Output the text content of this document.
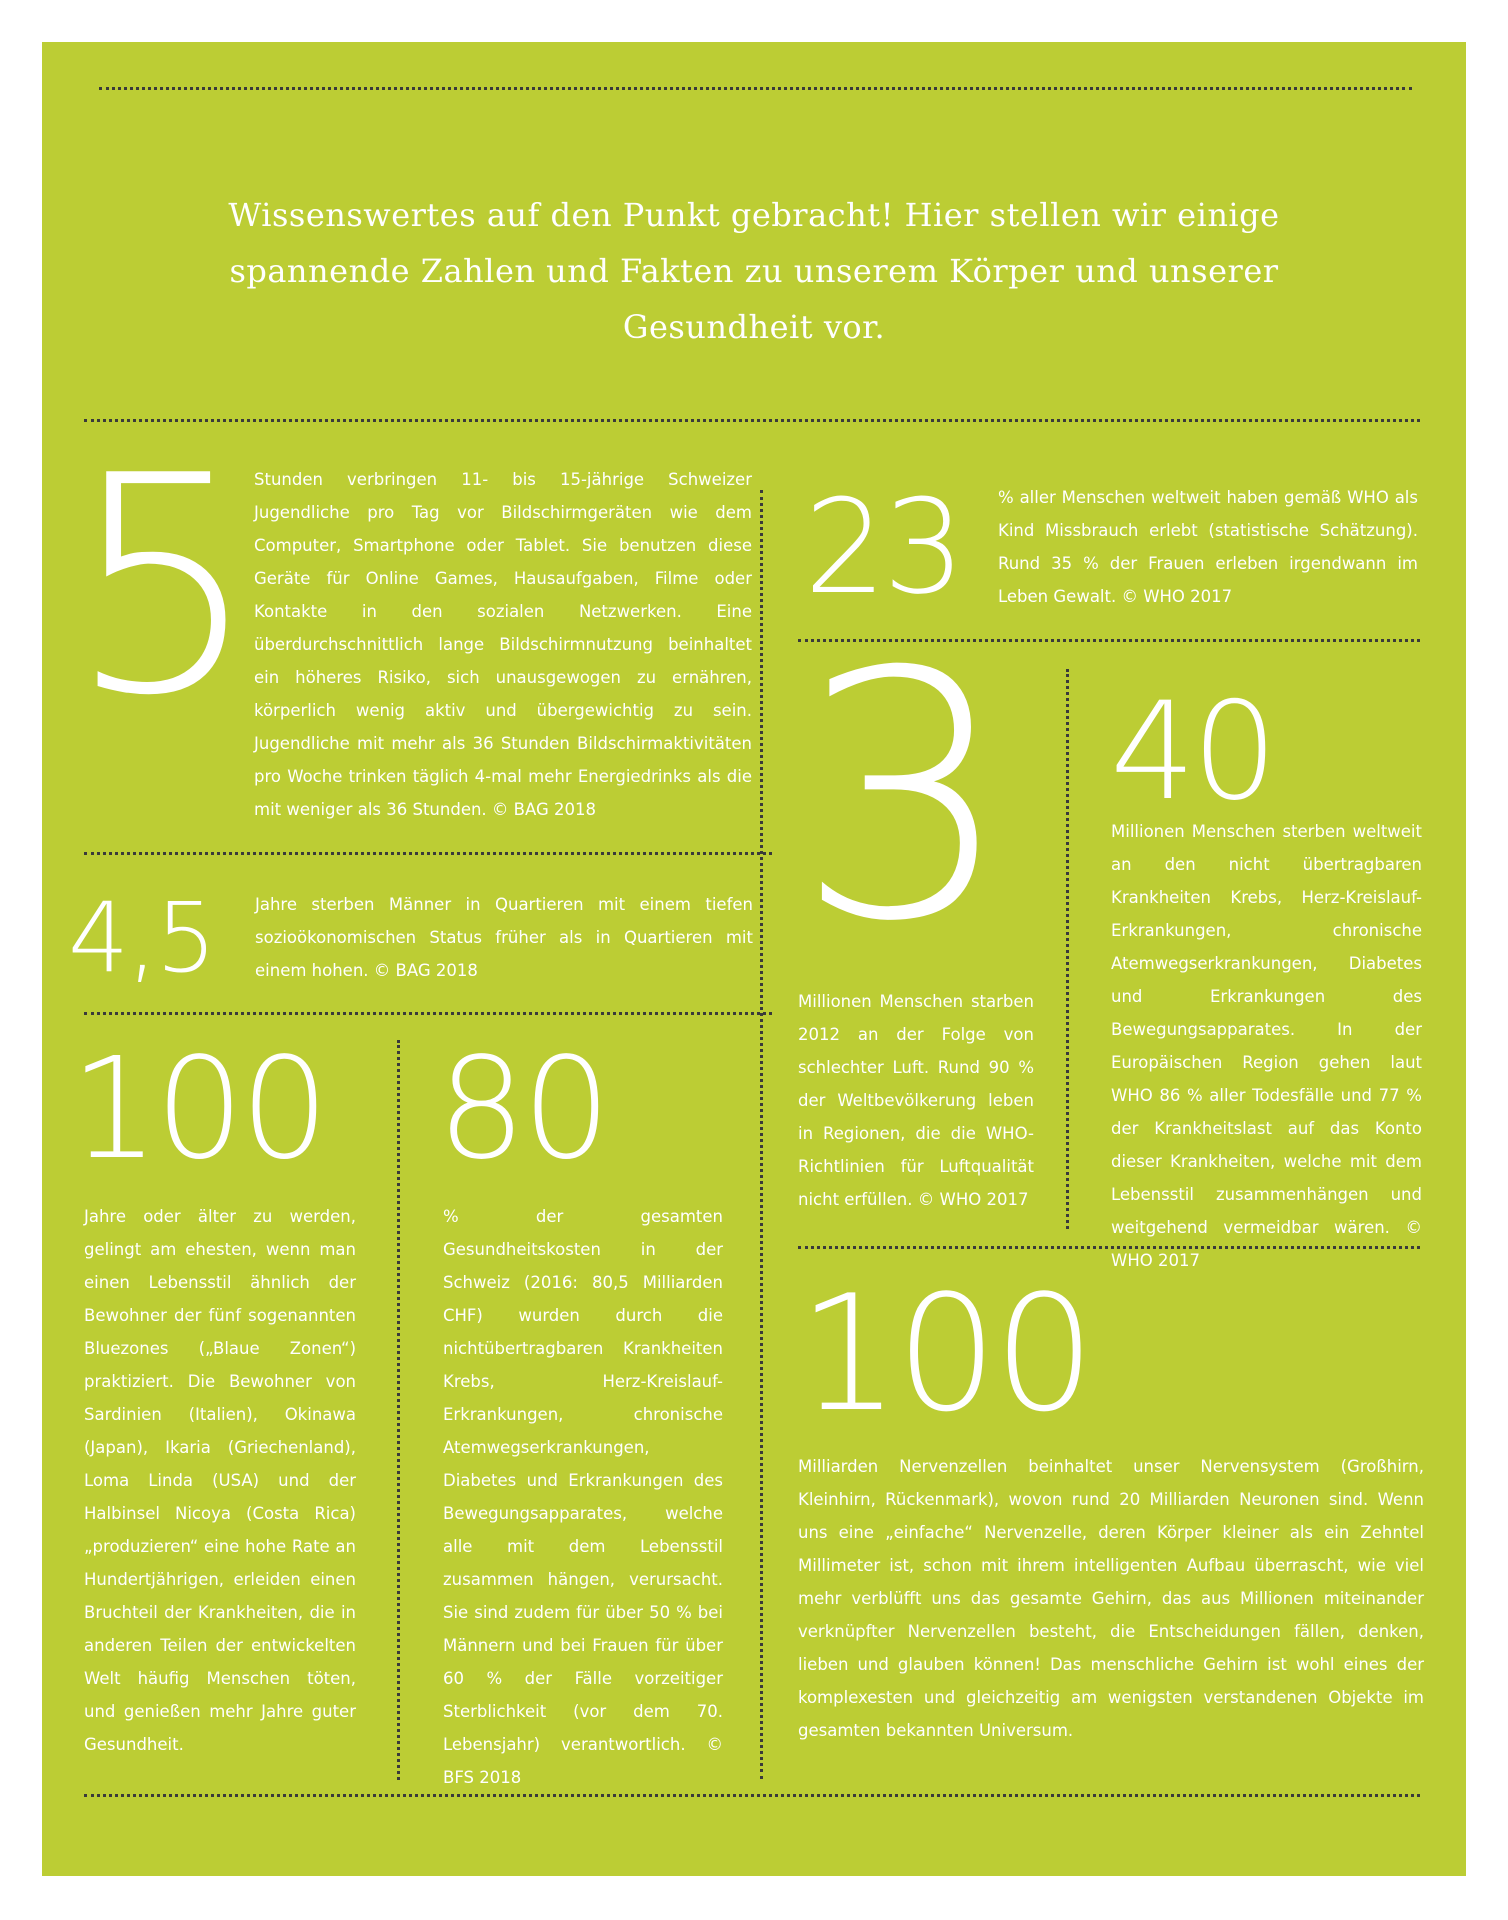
Wissenswertes auf den Punkt gebracht! Hier stellen wir einige spannende Zahlen und Fakten zu unserem Körper und unserer Gesundheit vor.
5 Stunden verbringen 11- bis 15-jährige Schweizer Jugendliche pro Tag vor Bildschirmgeräten wie dem Computer, Smartphone oder Tablet. Sie benutzen diese Geräte für Online Games, Hausaufgaben, Filme oder Kontakte in den sozialen Netzwerken. Eine überdurchschnittlich lange Bildschirmnutzung beinhaltet ein höheres Risiko, sich unausgewogen zu ernähren, körperlich wenig aktiv und übergewichtig zu sein. Jugendliche mit mehr als 36 Stunden Bildschirmaktivitäten pro Woche trinken täglich 4-mal mehr Energiedrinks als die mit weniger als 36 Stunden. © BAG 2018
23 % aller Menschen weltweit haben gemäß WHO als Kind Missbrauch erlebt (statistische Schätzung). Rund 35 % der Frauen erleben irgendwann im Leben Gewalt. © WHO 2017
4,5 Jahre sterben Männer in Quartieren mit einem tiefen sozioökonomischen Status früher als in Quartieren mit einem hohen. © BAG 2018 3
Millionen Menschen starben 2012 an der Folge von schlechter Luft. Rund 90 % der Weltbevölkerung leben in Regionen, die die WHO-Richtlinien für Luftqualität nicht erfüllen. © WHO 2017
40
Millionen Menschen sterben weltweit an den nicht übertragbaren Krankheiten Krebs, Herz-Kreislauf-Erkrankungen, chronische Atemwegserkrankungen, Diabetes und Erkrankungen des Bewegungsapparates. In der Europäischen Region gehen laut WHO 86 % aller Todesfälle und 77 % der Krankheitslast auf das Konto dieser Krankheiten, welche mit dem Lebensstil zusammenhängen und weitgehend vermeidbar wären. © WHO 2017
100
Jahre oder älter zu werden, gelingt am ehesten, wenn man einen Lebensstil ähnlich der Bewohner der fünf sogenannten Bluezones („Blaue Zonen“) praktiziert. Die Bewohner von Sardinien (Italien), Okinawa (Japan), Ikaria (Griechenland), Loma Linda (USA) und der Halbinsel Nicoya (Costa Rica) „produzieren“ eine hohe Rate an Hundertjährigen, erleiden einen Bruchteil der Krankheiten, die in anderen Teilen der entwickelten Welt häufig Menschen töten, und genießen mehr Jahre guter Gesundheit.
80
% der gesamten Gesundheitskosten in der Schweiz (2016: 80,5 Milliarden CHF) wurden durch die nichtübertragbaren Krankheiten Krebs, Herz-Kreislauf-Erkrankungen, chronische Atemwegserkrankungen, Diabetes und Erkrankungen des Bewegungsapparates, welche alle mit dem Lebensstil zusammen hängen, verursacht. Sie sind zudem für über 50 % bei Männern und bei Frauen für über 60 % der Fälle vorzeitiger Sterblichkeit (vor dem 70. Lebensjahr) verantwortlich. © BFS 2018
100
Milliarden Nervenzellen beinhaltet unser Nervensystem (Großhirn, Kleinhirn, Rückenmark), wovon rund 20 Milliarden Neuronen sind. Wenn uns eine „einfache“ Nervenzelle, deren Körper kleiner als ein Zehntel Millimeter ist, schon mit ihrem intelligenten Aufbau überrascht, wie viel mehr verblüfft uns das gesamte Gehirn, das aus Millionen miteinander verknüpfter Nervenzellen besteht, die Entscheidungen fällen, denken, lieben und glauben können! Das menschliche Gehirn ist wohl eines der komplexesten und gleichzeitig am wenigsten verstandenen Objekte im gesamten bekannten Universum.
